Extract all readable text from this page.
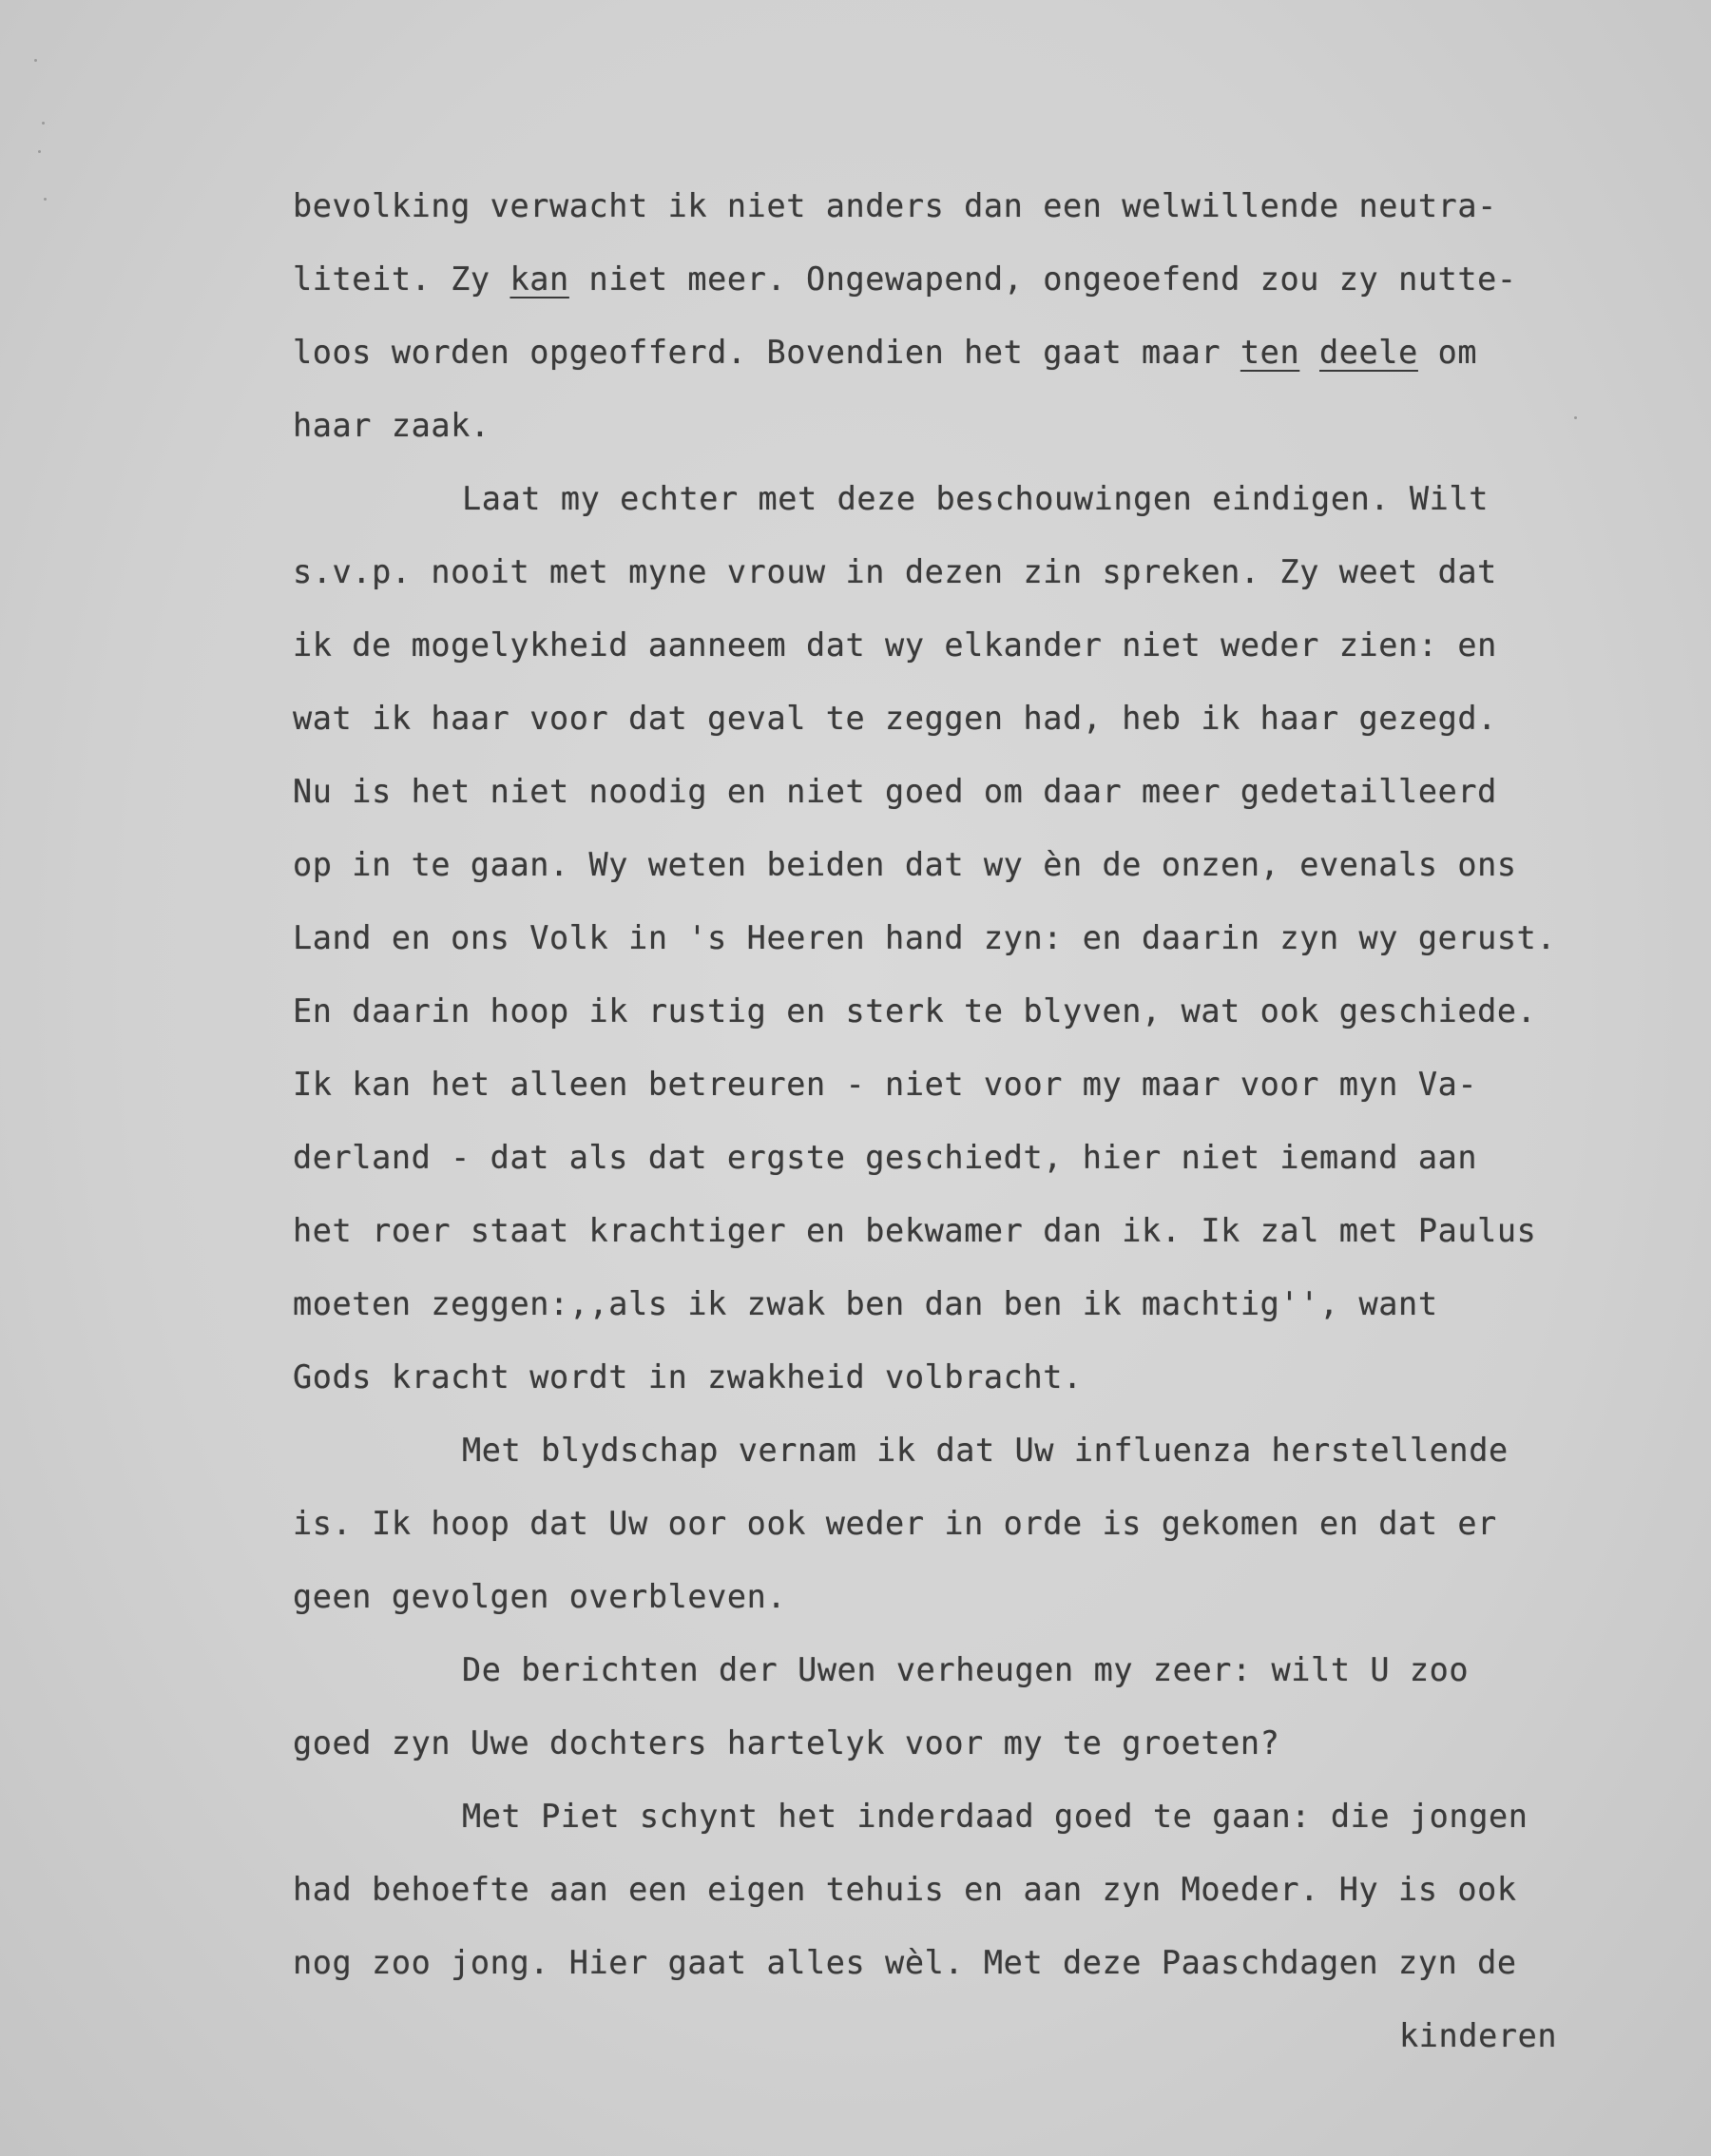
bevolking verwacht ik niet anders dan een welwillende neutra-
liteit. Zy kan niet meer. Ongewapend, ongeoefend zou zy nutte-
loos worden opgeofferd. Bovendien het gaat maar ten deele om
haar zaak.
Laat my echter met deze beschouwingen eindigen. Wilt
s.v.p. nooit met myne vrouw in dezen zin spreken. Zy weet dat
ik de mogelykheid aanneem dat wy elkander niet weder zien: en
wat ik haar voor dat geval te zeggen had, heb ik haar gezegd.
Nu is het niet noodig en niet goed om daar meer gedetailleerd
op in te gaan. Wy weten beiden dat wy èn de onzen, evenals ons
Land en ons Volk in 's Heeren hand zyn: en daarin zyn wy gerust.
En daarin hoop ik rustig en sterk te blyven, wat ook geschiede.
Ik kan het alleen betreuren - niet voor my maar voor myn Va-
derland - dat als dat ergste geschiedt, hier niet iemand aan
het roer staat krachtiger en bekwamer dan ik. Ik zal met Paulus
moeten zeggen:,,als ik zwak ben dan ben ik machtig'', want
Gods kracht wordt in zwakheid volbracht.
Met blydschap vernam ik dat Uw influenza herstellende
is. Ik hoop dat Uw oor ook weder in orde is gekomen en dat er
geen gevolgen overbleven.
De berichten der Uwen verheugen my zeer: wilt U zoo
goed zyn Uwe dochters hartelyk voor my te groeten?
Met Piet schynt het inderdaad goed te gaan: die jongen
had behoefte aan een eigen tehuis en aan zyn Moeder. Hy is ook
nog zoo jong. Hier gaat alles wèl. Met deze Paaschdagen zyn de
kinderen
